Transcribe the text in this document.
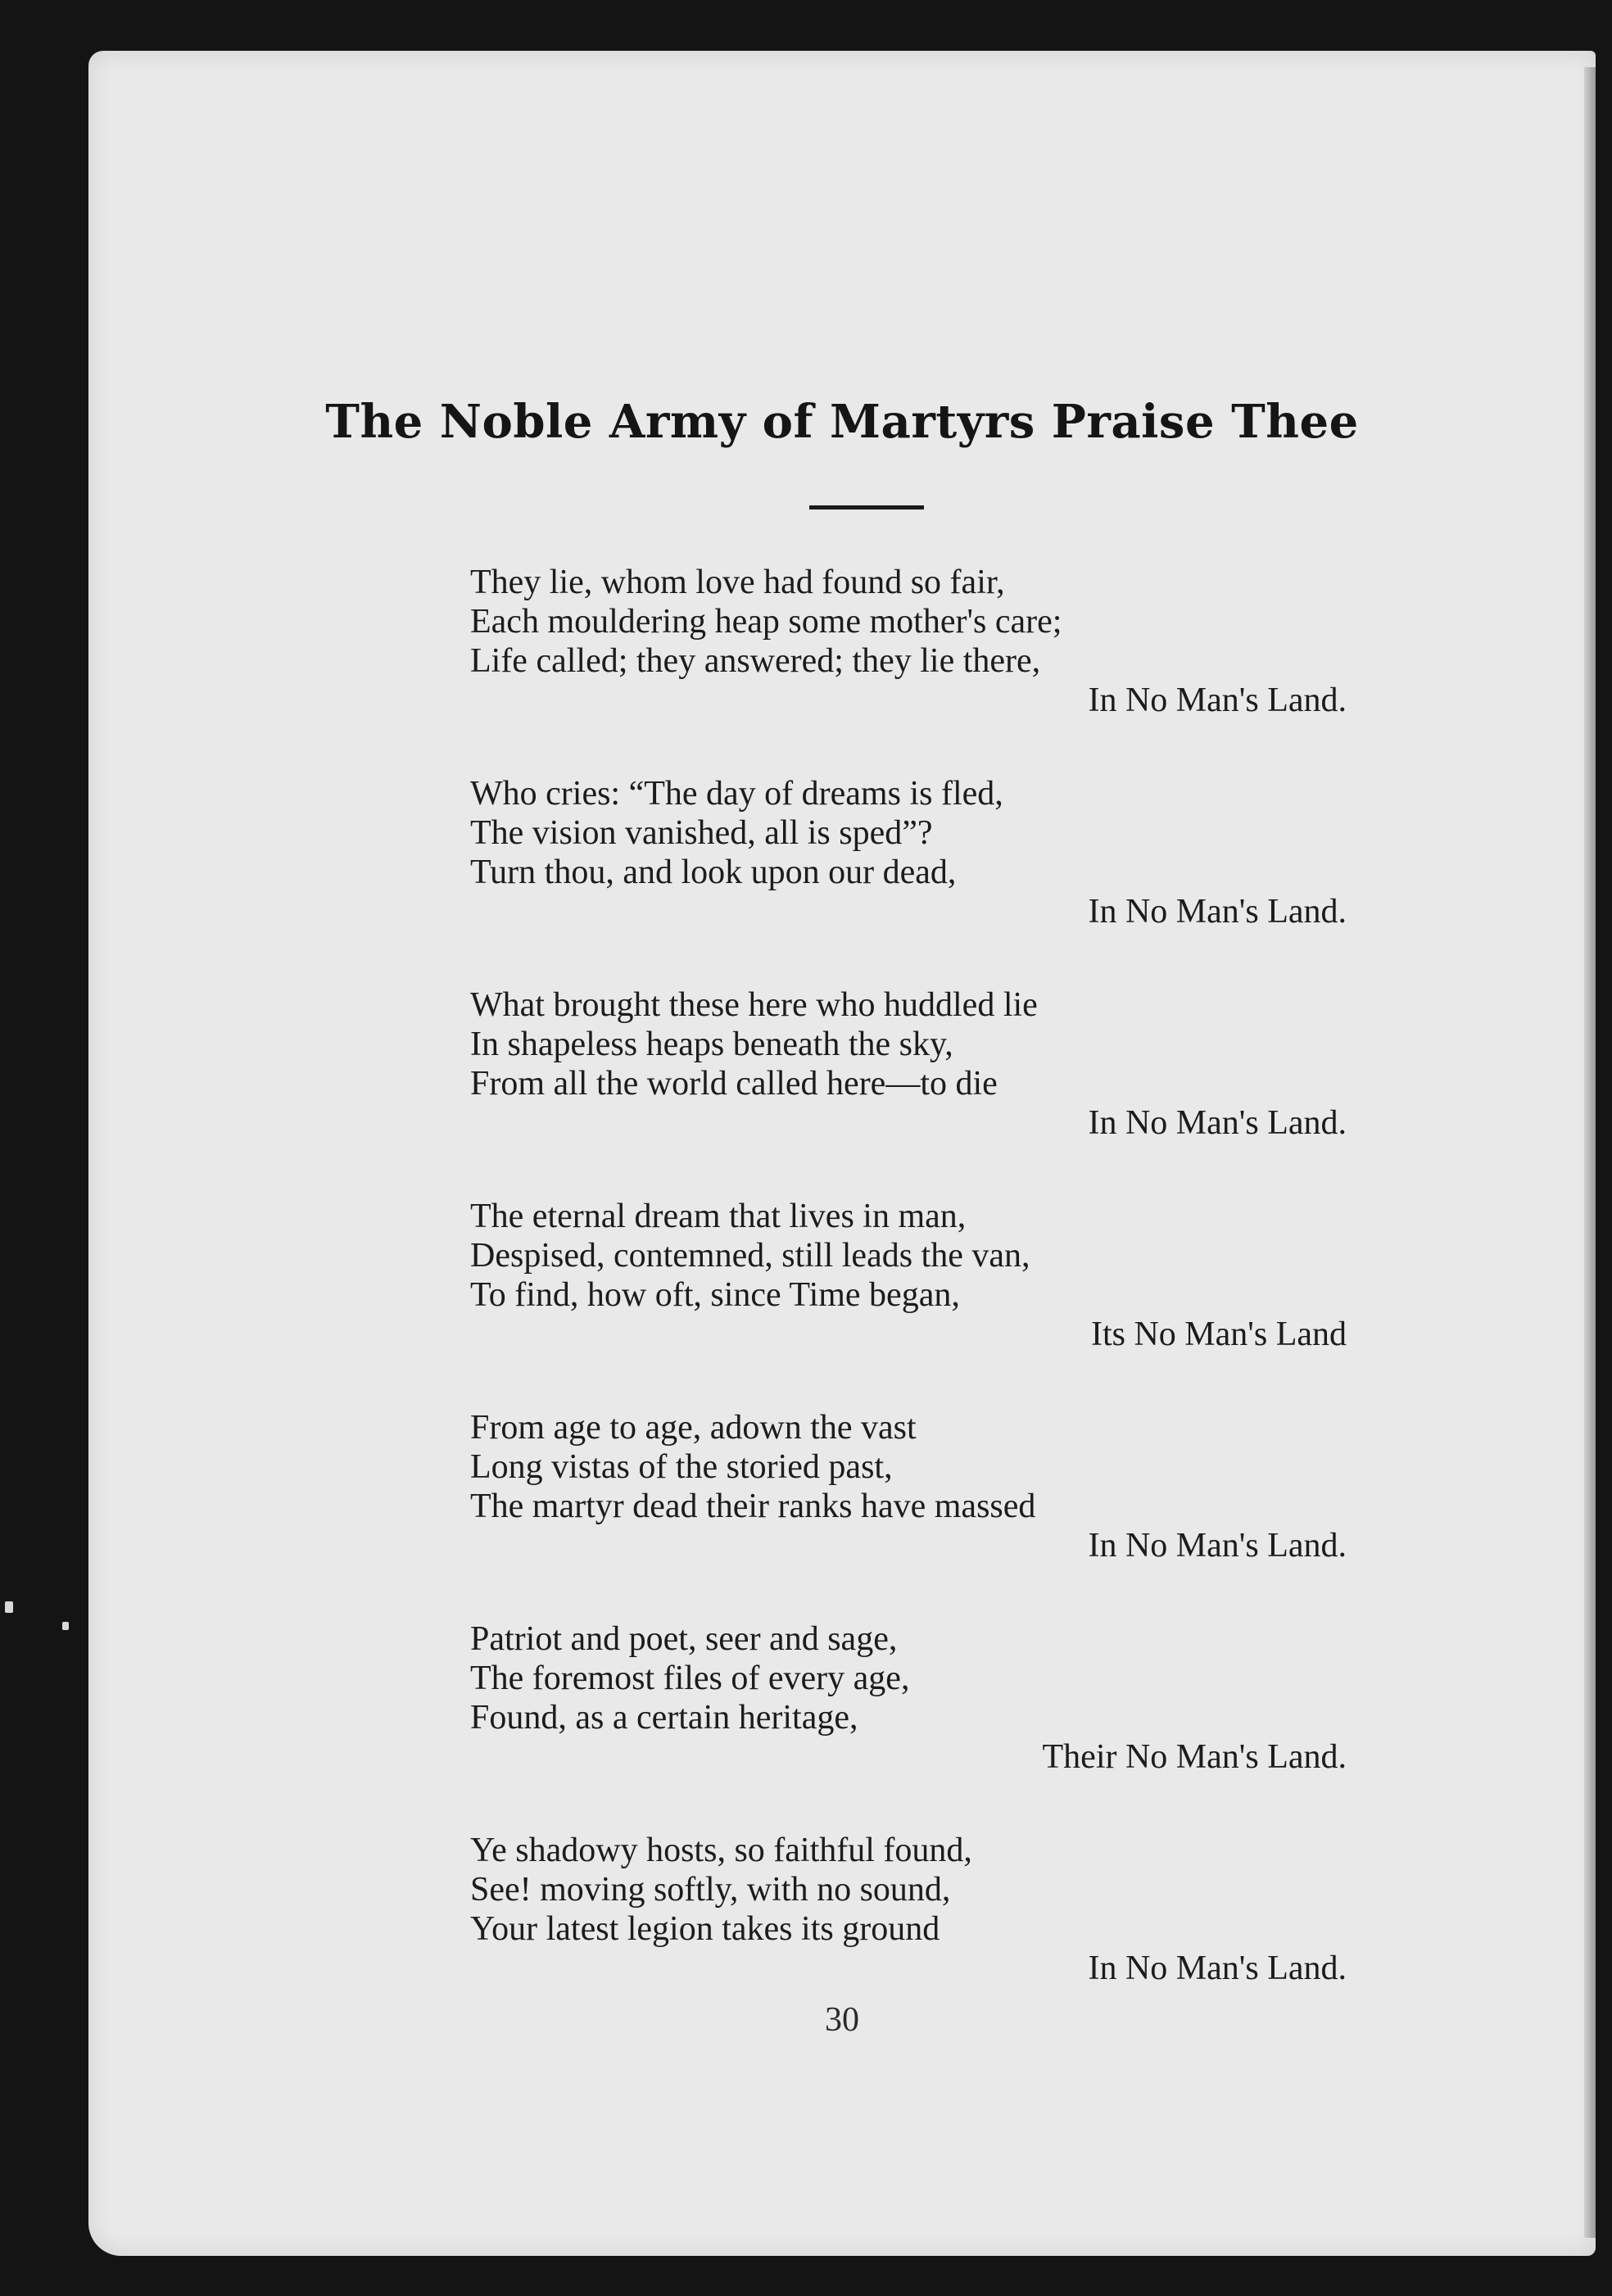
The Noble Army of Martyrs Praise Thee
They lie, whom love had found so fair,
Each mouldering heap some mother's care;
Life called; they answered; they lie there,
In No Man's Land.
Who cries: “The day of dreams is fled,
The vision vanished, all is sped”?
Turn thou, and look upon our dead,
In No Man's Land.
What brought these here who huddled lie
In shapeless heaps beneath the sky,
From all the world called here—to die
In No Man's Land.
The eternal dream that lives in man,
Despised, contemned, still leads the van,
To find, how oft, since Time began,
Its No Man's Land
From age to age, adown the vast
Long vistas of the storied past,
The martyr dead their ranks have massed
In No Man's Land.
Patriot and poet, seer and sage,
The foremost files of every age,
Found, as a certain heritage,
Their No Man's Land.
Ye shadowy hosts, so faithful found,
See! moving softly, with no sound,
Your latest legion takes its ground
In No Man's Land.
30
